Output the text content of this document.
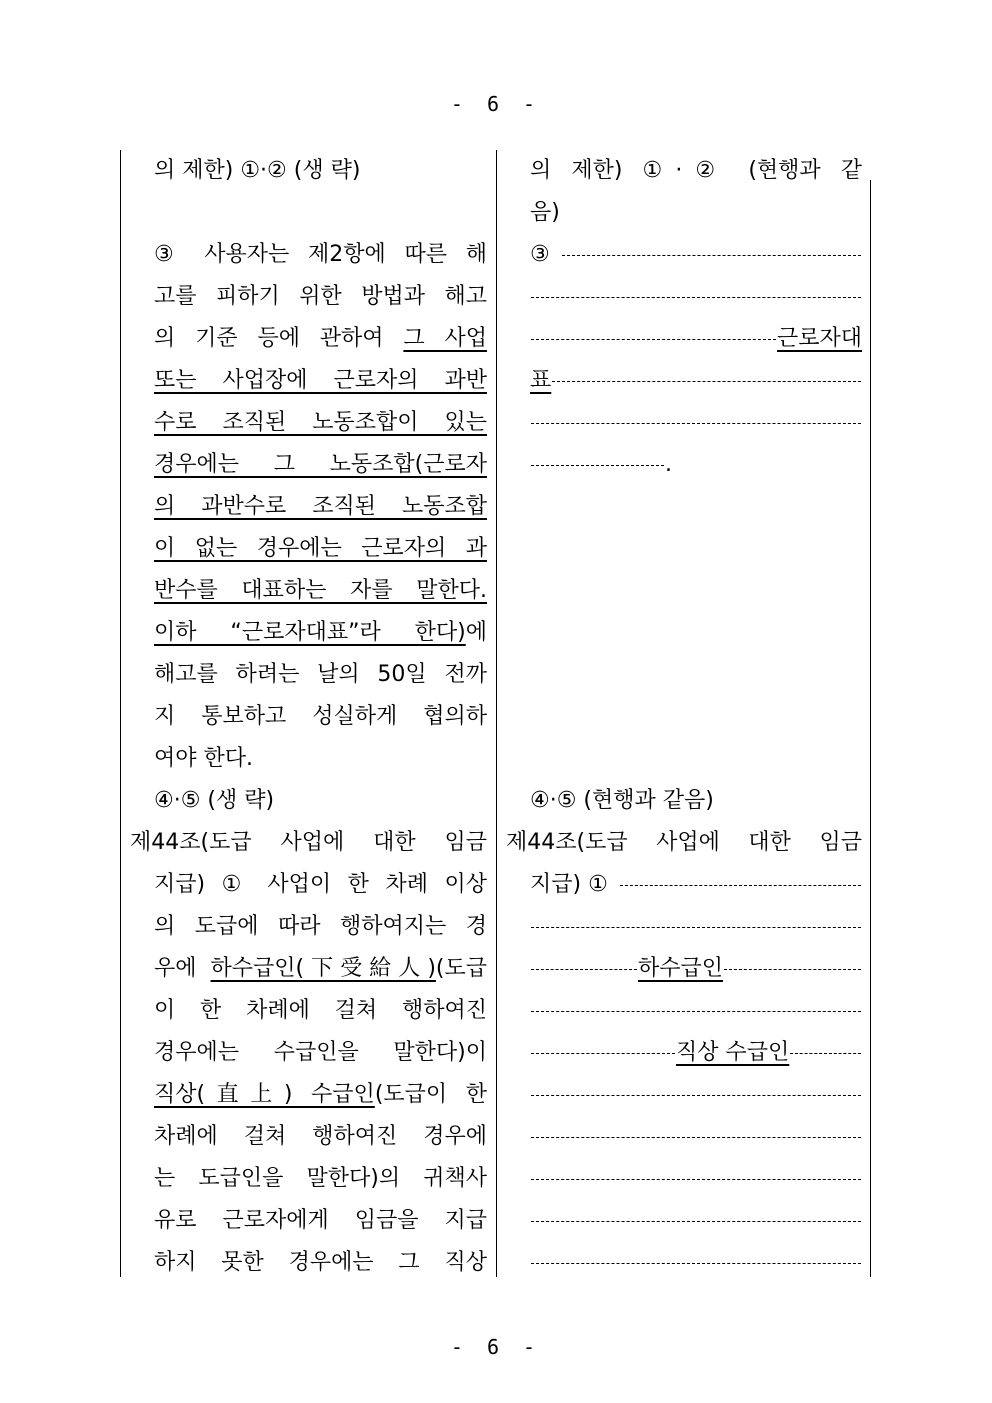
- 6 -
의 제한) ①·② (생 략)
③ 사용자는 제2항에 따른 해
고를 피하기 위한 방법과 해고
의 기준 등에 관하여 그 사업
또는 사업장에 근로자의 과반
수로 조직된 노동조합이 있는
경우에는 그 노동조합(근로자
의 과반수로 조직된 노동조합
이 없는 경우에는 근로자의 과
반수를 대표하는 자를 말한다.
이하 “근로자대표”라 한다)에
해고를 하려는 날의 50일 전까
지 통보하고 성실하게 협의하
여야 한다.
④·⑤ (생 략)
제44조(도급 사업에 대한 임금
지급) ① 사업이 한 차례 이상
의 도급에 따라 행하여지는 경
우에 하수급인(下受給人)(도급
이 한 차례에 걸쳐 행하여진
경우에는 수급인을 말한다)이
직상(直上) 수급인(도급이 한
차례에 걸쳐 행하여진 경우에
는 도급인을 말한다)의 귀책사
유로 근로자에게 임금을 지급
하지 못한 경우에는 그 직상
의 제한) ①·② (현행과 같
음)
③
근로자대
표
.
④·⑤ (현행과 같음)
제44조(도급 사업에 대한 임금
지급) ①
하수급인
직상 수급인
- 6 -
